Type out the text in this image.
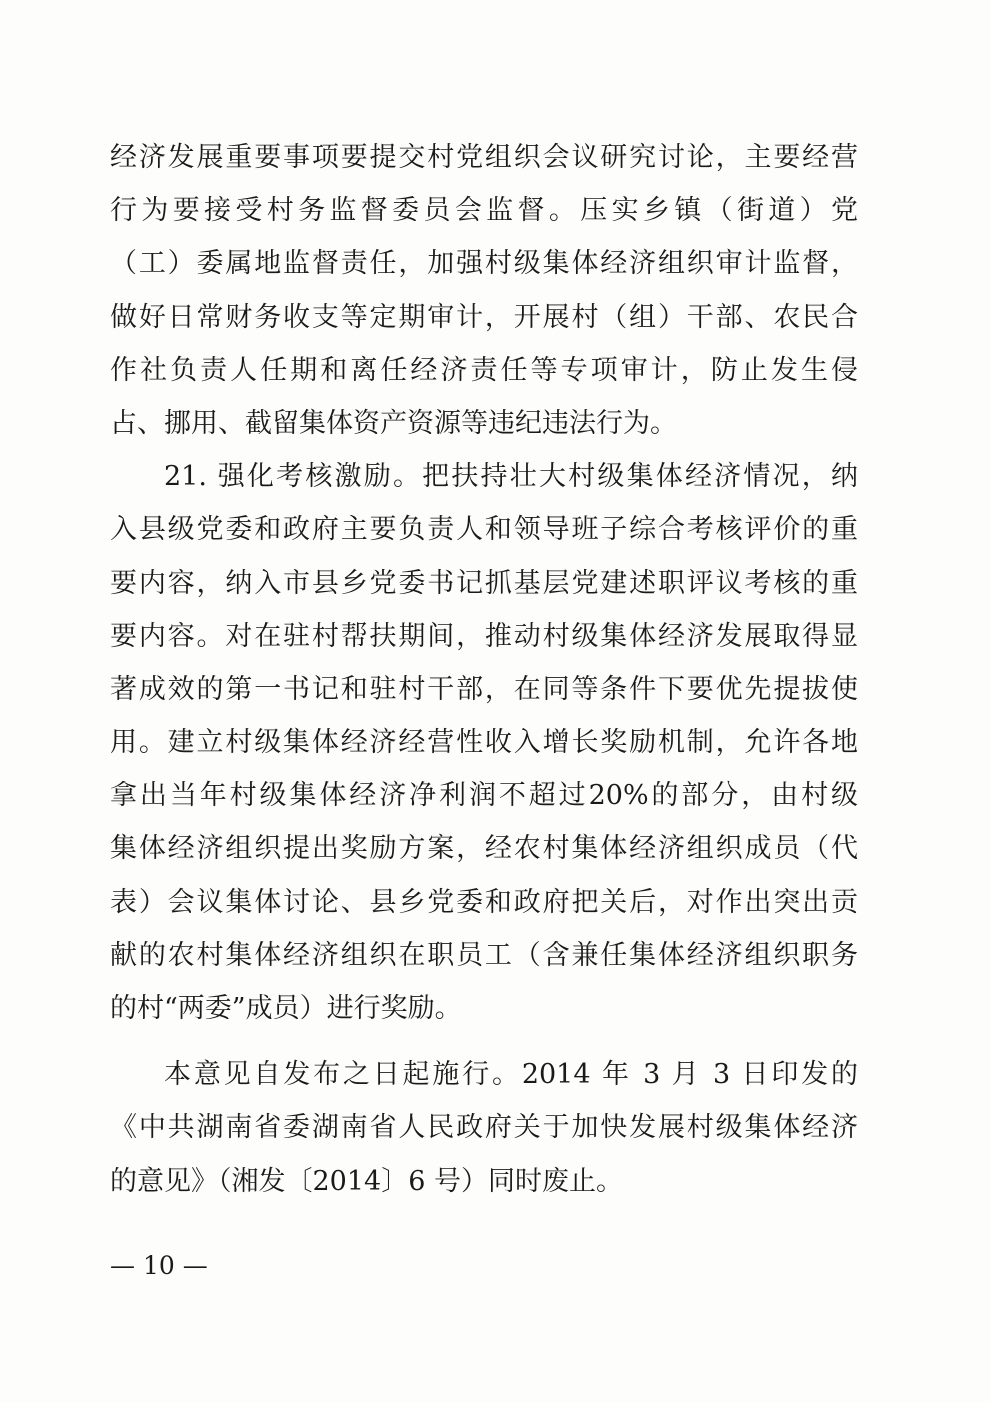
经济发展重要事项要提交村党组织会议研究讨论，主要经营
行为要接受村务监督委员会监督。压实乡镇（街道）党
（工）委属地监督责任，加强村级集体经济组织审计监督，
做好日常财务收支等定期审计，开展村（组）干部、农民合
作社负责人任期和离任经济责任等专项审计，防止发生侵
占、挪用、截留集体资产资源等违纪违法行为。
21. 强化考核激励。把扶持壮大村级集体经济情况，纳
入县级党委和政府主要负责人和领导班子综合考核评价的重
要内容，纳入市县乡党委书记抓基层党建述职评议考核的重
要内容。对在驻村帮扶期间，推动村级集体经济发展取得显
著成效的第一书记和驻村干部，在同等条件下要优先提拔使
用。建立村级集体经济经营性收入增长奖励机制，允许各地
拿出当年村级集体经济净利润不超过20%的部分，由村级
集体经济组织提出奖励方案，经农村集体经济组织成员（代
表）会议集体讨论、县乡党委和政府把关后，对作出突出贡
献的农村集体经济组织在职员工（含兼任集体经济组织职务
的村“两委”成员）进行奖励。
本意见自发布之日起施行。2014 年 3 月 3 日印发的
《中共湖南省委湖南省人民政府关于加快发展村级集体经济
的意见》（湘发〔2014〕6 号）同时废止。
— 10 —
